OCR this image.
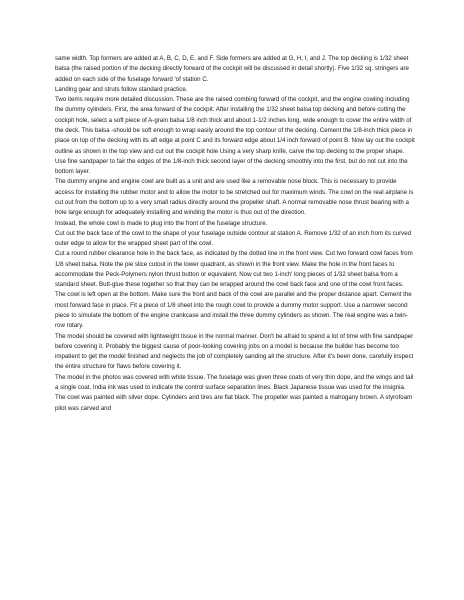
same width. Top formers are added at A, B, C, D, E, and F. Side formers are added at G, H, I, and J. The top decking is 1/32 sheet balsa (the raised portion of the decking directly forward of the cockpit will be discussed in detail shortly). Five 1/32 sq. stringers are added on each side of the fuselage forward 'of station C.

Landing gear and struts follow standard practice.

Two items require more detailed discussion. These are the raised combing forward of the cockpit, and the engine cowling including the dummy cylinders. First, the area forward of the cockpit: After installing the 1/32 sheet balsa top decking and before cutting the cockpit hole, select a soft piece of A-grain balsa 1/8 inch thick and about 1-1/2 inches long, wide enough to cover the entire width of the deck. This balsa -should be soft enough to wrap easily around the top contour of the decking. Cement the 1/8-inch thick piece in place on top of the decking with its aft edge at point C and its forward edge about 1/4 inch forward of point B. Now lay out the cockpit outline as shown in the top view and cut out the cockpit hole Using a very sharp knife, carve the top decking to the proper shape. Use fine sandpaper to fair the edges of the 1/8-inch thick second layer of the decking smoothly into the first, but do not cut into the bottom layer.

The dummy engine and engine cowl are built as a unit and are used like a removable nose block. This is necessary to provide access for installing the rubber motor and to allow the motor to be stretched out for maximum winds. The cowl on the real airplane is cut out from the bottom up to a very small radius directly around the propeller shaft. A normal removable nose thrust bearing with a hole large enough for adequately installing and winding the motor is thus out of the direction.

Instead, the whole cowl is made to plug into the front of the fuselage structure.

Cut out the back face of the cowl to the shape of your fuselage outside contour at station A. Remove 1/32 of an inch from its curved outer edge to allow for the wrapped sheet part of the cowl.

Cut a round rubber clearance hole in the back face, as indicated by the dotted line in the front view. Cut two forward cowl faces from 1/8 sheet balsa. Note the pie slice cutout in the lower quadrant, as shown in the front view. Make the hole in the front faces to accommodate the Peck-Polymers nylon thrust button or equivalent. Now cut two 1-inch' long pieces of 1/32 sheet balsa from a standard sheet. Butt-glue these together so that they can be wrapped around the cowl back face and one of the cowl front faces. The cowl is left open at the bottom. Make sure the front and back of the cowl are parallel and the proper distance apart. Cement the most forward face in place. Fit a piece of 1/8 sheet into the rough cowl to provide a dummy motor support. Use a narrower second piece to simulate the bottom of the engine crankcase and install the three dummy cylinders as shown. The real engine was a twin-row rotary.

The model should be covered with lightweight tissue in the normal manner. Don't be afraid to spend a lot of time with fine sandpaper before covering it. Probably the biggest cause of poor-looking covering jobs on a model is because the builder has become too impatient to get the model finished and neglects the job of completely sanding all the structure. After it's been done, carefully inspect the entire structure for flaws before covering it.

The model in the photos was covered with white tissue. The fuselage was given three coats of very thin dope, and the wings and tail a single coat. India ink was used to indicate the control surface separation lines. Black Japanese tissue was used for the insignia. The cowl was painted with silver dope. Cylinders and tires are flat black. The propeller was painted a mahogany brown. A styrofoam pilot was carved and
